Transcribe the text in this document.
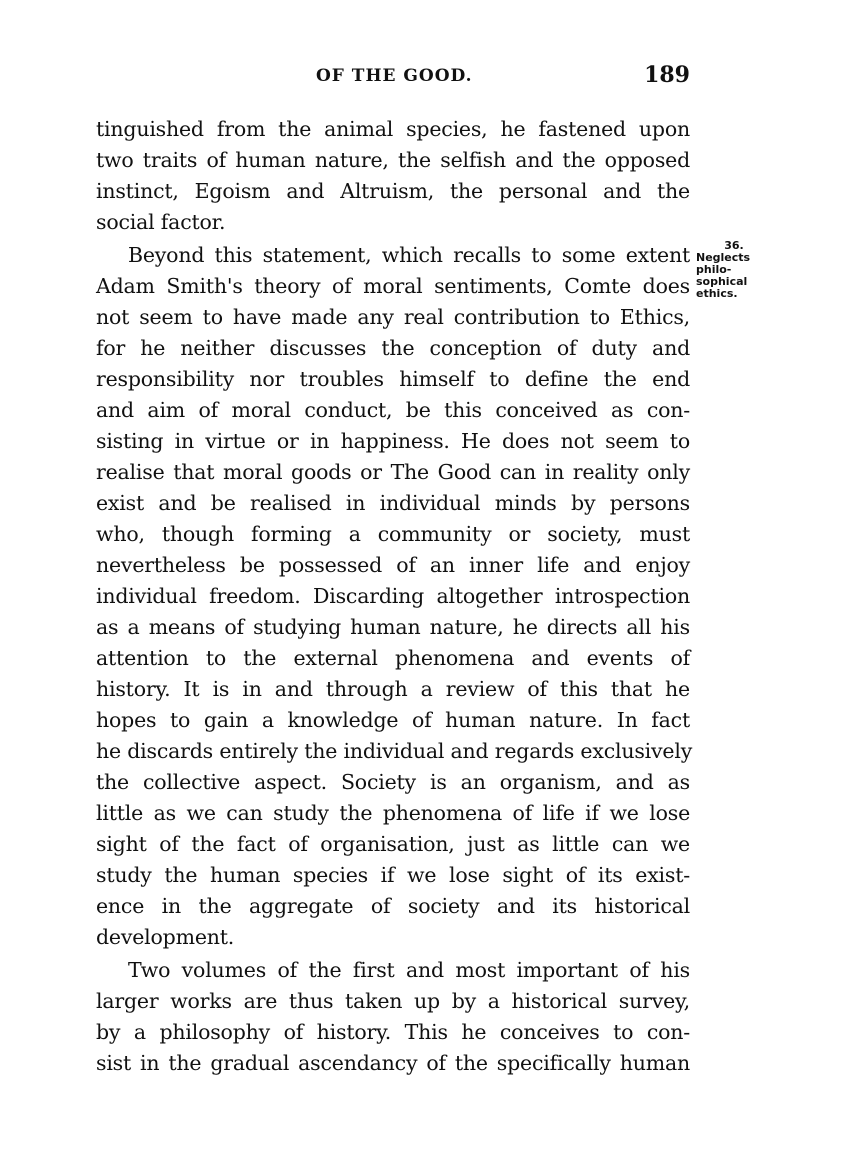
OF THE GOOD.	189
36.
Neglects
philo-
sophical
ethics.
tinguished from the animal species, he fastened upon
two traits of human nature, the selfish and the opposed
instinct, Egoism and Altruism, the personal and the
social factor.
Beyond this statement, which recalls to some extent
Adam Smith's theory of moral sentiments, Comte does
not seem to have made any real contribution to Ethics,
for he neither discusses the conception of duty and
responsibility nor troubles himself to define the end
and aim of moral conduct, be this conceived as con-
sisting in virtue or in happiness. He does not seem to
realise that moral goods or The Good can in reality only
exist and be realised in individual minds by persons
who, though forming a community or society, must
nevertheless be possessed of an inner life and enjoy
individual freedom. Discarding altogether introspection
as a means of studying human nature, he directs all his
attention to the external phenomena and events of
history. It is in and through a review of this that he
hopes to gain a knowledge of human nature. In fact
he discards entirely the individual and regards exclusively
the collective aspect. Society is an organism, and as
little as we can study the phenomena of life if we lose
sight of the fact of organisation, just as little can we
study the human species if we lose sight of its exist-
ence in the aggregate of society and its historical
development.
Two volumes of the first and most important of his
larger works are thus taken up by a historical survey,
by a philosophy of history. This he conceives to con-
sist in the gradual ascendancy of the specifically human
